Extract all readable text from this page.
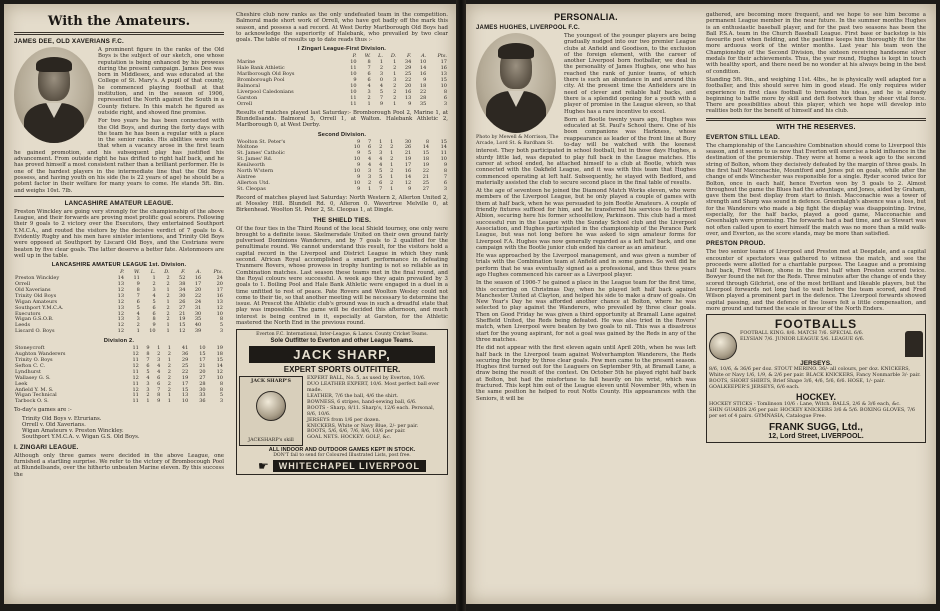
With the Amateurs.
JAMES DEE, OLD XAVERIANS F.C.

A prominent figure in the ranks of the Old Boys is the subject of our sketch, one whose reputation is being enhanced by his prowess during the present campaign. James Dee was born in Middlesex, and was educated at the College of St. Mary's. A pupil of that county, he commenced playing football at that institution, and in the season of 1906, represented the North against the South in a County fixture. In this match he figured as outside right, and showed fine promise.

For two years he has been connected with the Old Boys, and during the forty days with the team he has been a regular with a place in the senior ranks. His abilities were such that when a vacancy arose in the first team he gained promotion, and his subsequent play has justified his advancement. From outside right he has drifted to right half back, and he has proved himself a most consistent rather than a brilliant performer. He is one of the hardest players in the intermediate line that the Old Boys possess, and having youth on his side (he is 22 years of age) he should be a potent factor in their welfare for many years to come. He stands 5ft. 8in. and weighs 10st. 7lb.

LANCASHIRE AMATEUR LEAGUE.

Preston Winckley are going very strongly for the championship of the above League, and their forwards are proving most prolific goal scorers. Following their 9 goals to 2 victory over the Executors, they entertained Southport Y.M.C.A., and routed the visitors by the decisive verdict of 7 goals to 4. Evidently Rugby and his men have sinister intentions, and Trinity Old Boys were opposed at Southport by Liscard Old Boys, and the Cestrians were beaten by five clear goals. The latter deserve a better fate. Alstonmoors are well up in the table.

LANCASHIRE AMATEUR LEAGUE 1st. Division.
	P.	W.	L.	D.	F.	A.	Pts.
Preston Winckley	14	11	1	2	52	16	24
Orrell	13	9	2	2	38	17	20
Old Xaverians	12	8	3	1	34	20	17
Trinity Old Boys	13	7	4	2	30	22	16
Wigan Amateurs	12	6	5	1	26	24	13
Southport Y.M.C.A.	13	5	6	2	27	31	12
Executors	12	4	6	2	21	30	10
Wigan G.S.O.B.	13	3	8	2	19	35	8
Leeds	12	2	9	1	15	40	5
Liscard O. Boys	12	1	10	1	12	39	3
Division 2.
Stoneycroft	11	9	1	1	41	10	19
Aughton Wanderers	12	8	2	2	36	15	18
Trinity O. Boys	11	7	3	1	29	17	15
Sefton C. C.	12	6	4	2	25	21	14
Lyndhurst	11	5	4	2	22	20	12
Wallasey G. S.	12	4	6	2	19	27	10
Leek	11	3	6	2	17	28	8
Anfield Y. M. S.	12	3	7	2	15	30	8
Wigan Technical	11	2	8	1	13	33	5
Tarbock O. S.	11	1	9	1	10	36	3

To-day's games are :-

Trinity Old Boys v. Etrurians.
Orrell v. Old Xaverians.
Wigan Amateurs v. Preston Winckley.
Southport Y.M.C.A. v. Wigan G.S. Old Boys.
I. ZINGARI LEAGUE.

Although only three games were decided in the above League, one furnished a startling surprise. We refer to the victory of Brombocough Pool at Blundellsands, over the hitherto unbeaten Marine eleven. By this success the

Cheshire club now ranks as the only undefeated team in the competition. Balmoral made short work of Orrell, who have got badly off the mark this season, and possess a sad record. At West Derby Marlborough Old Boys had to acknowledge the superiority of Halebank, who prevailed by two clear goals. The table of results up to date reads thus :-

I Zingari League-First Division.
	P.	W.	L.	D.	F.	A.	Pts.
Marine	10	8	1	1	34	10	17
Hale Bank Athletic	11	7	2	2	29	14	16
Marlborough Old Boys	10	6	3	1	25	16	13
Bromborough Pool	9	6	0	3	22	9	15
Balmoral	10	4	4	2	20	18	10
Liverpool Caledonians	10	3	5	2	16	22	8
Garston	11	2	7	2	13	28	6
Orrell	11	1	9	1	9	35	3

Results of matches played last Saturday:- Bromborough Pool 2, Marine 1, at Blundellsands. Balmoral 5, Orrell 1, at Walton. Halebank Athletic 2, Marlborough 0, at West Derby.

Second Division.
Woolton St. Peter's	9	7	1	1	30	8	15
Moltone	10	6	2	2	26	14	14
St. James' Catholic	9	5	3	1	21	15	11
St. James' Rd.	10	4	4	2	19	18	10
Kenilworth	9	4	4	1	17	19	9
North W'stern	10	3	5	2	16	22	8
Aintree	9	3	5	1	14	21	7
Allerton Utd.	10	2	6	2	12	25	6
St. Cleopas	9	1	7	1	9	27	3

Record of matches played last Saturday: North Western 2, Allerton United 2, at Mossley Hill. Blundell Rd. 0, Alleron 0. Wavertree Melville 0, at Birkenhead. Woolton St. Peter 2, St. Cleopas 1, at Dingle.

THE SHIELD TIES.

Of the four ties in the Third Round of the local Shield tourney, one only were brought to a definite issue. Skelmersdale United on their own ground fairly pulverised Dominions Wanderers, and by 7 goals to 2 qualified for the penultimate round. We cannot understand this result, for the visitors hold a capital record in the Liverpool and District League in which they rank second. African Royal accomplished a smart performance in defeating Tranmere Rovers, whose prowess in trophy hunting is not so reliable as in Combination matches. Last season these teams met in the final round, and the Royal colours were successful. A week ago they again prevailed by 3 goals to 1. Boiling Pool and Hale Bank Athletic were engaged in a duel in a time unfitted to rest of peace. Pate Rovers and Woolton Wesley could not come to their tie, so that another meeting will be necessary to determine the issue. At Prescot the Athletic club's ground was in such a dreadful state that play was impossible. The game will be decided this afternoon, and much interest is being centred in it, especially at Garston, for the Athletic mastered the North End in the previous round.

Everton F.C. International, Inter-League, & Lancs. County Cricket Teams.
Sole Outfitter to Everton and other League Teams.
JACK SHARP,
EXPERT SPORTS OUTFITTER.
JACK SHARP'S
JACKSHARP's skill
EXPERT BALL, No. 5, as used by Everton, 10/6.
DUO LEATHER EXPERT, 10/6. Most perfect ball ever made.
LEATHER, 7/6 the ball, 4/6 the shirt.
BOWNESS, 6 stripes, hand-sewing ball, 6/6.
BOOTS - Sharp, 8/11. Sharp's, 12/6 each. Personal, 8/6, 10/6.
JERSEYS from 1/6 per dozen.
KNICKERS, White or Navy Blue, 2/- per pair.
BOOTS, 5/6, 6/6, 7/6, 8/6, 10/6 per pair.
GOAL NETS. HOCKEY. GOLF, &c.
ALL INDOOR AND OUTDOOR GAMES KEPT IN STOCK.
DON'T fail to send for Coloured Illustrated Lists, post free.
☛	WHITECHAPEL LIVERPOOL
PERSONALIA.
JAMES HUGHES, LIVERPOOL F.C.
Photo by Mewell & Morrison, The Arcade, Lord St. & Bardham St.

The youngest of the younger players are being gradually nudged into our two premier League clubs at Anfield and Goodison, to the exclusion of the foreign element, with the career of another Liverpool born footballer, we deal in the personality of James Hughes, one who has reached the rank of junior teams, of which there is such an abundance in and around this city. At the present time the Anfielders are in need of clever and reliable half backs, and there is a splendid opening for a youth with a player of promise in the League eleven, so that Hughes has a rare incentive to excel.

Born at Bootle twenty years ago, Hughes was educated at St. Paul's School there. One of his boon companions was Harkness, whose reappearance as leader of the front line at Bury to-day will be watched with the keenest interest. They both participated in school football, but in those days Hughes, a sturdy little lad, was deputed to play full back in the League matches. His career at school ended, he attached himself to a club at Bootle, which was connected with the Oakfield League, and it was with this team that Hughes commenced operating at left half. Subsequently, he stayed with Bedford, and materially assisted the club to secure second place in the final table of results.

At the age of seventeen he joined the Diamond Match Works eleven, who were members of the Liverpool League, but he only played a couple of games with them at half back, when he was persuaded to join Bootle Amateurs. A couple of friendly fixtures sufficed for him, and he transferred his services to Hertford Albion, securing here his former schoolfellow, Parkinson. This club had a most successful run in the League with the Sunday School club and the Liverpool Association, and Hughes participated in the championship of the Perance Park League, but was not long before he was asked to sign amateur forms for Liverpool F.A. Hughes was now generally regarded as a left half back, and one campaign with the Bootle junior club ended his career as an amateur.

He was approached by the Liverpool management, and was given a number of trials with the Combination team at Anfield and in some games. So well did he perform that he was eventually signed as a professional, and thus three years ago Hughes commenced his career as a Liverpool player.

In the season of 1906-7 he gained a place in the League team for the first time, this occurring on Christmas Day, when he played left half back against Manchester United at Clayton, and helped his side to make a draw of goals. On New Year's Day he was afforded another chance at Bolton, where he was selected to play against the Wanderers, who prevailed by three clear goals. Then on Good Friday he was given a third opportunity at Bramall Lane against Sheffield United, the Reds being defeated. He was also tried in the Rovers' match, when Liverpool were beaten by two goals to nil. This was a disastrous start for the young aspirant, for not a goal was gained by the Reds in any of the three matches.

He did not appear with the first eleven again until April 20th, when he was left half back in the Liverpool team against Wolverhampton Wanderers, the Reds securing the trophy by three clear goals. Few men came to the present season. Hughes first turned out for the Leaguers on September 9th, at Bramall Lane, a draw being the result of the contest. On October 5th he played right half back at Bolton, but had the misfortune to fall heavily on his wrist, which was fractured. This kept him out of the League eleven until November 9th, when in the same position he helped to rout Notts County. His appearances with the Seniors, it will be

gathered, are becoming more frequent, and we hope to see him become a permanent League member in the near future. In the summer months Hughes is an enthusiastic baseball player, and for the past two seasons has been the Ball P.S.A. team in the Church Baseball League. First base or backstop is his favourite post when fielding, and the pastime keeps him thoroughly fit for the more arduous work of the winter months. Last year his team won the Championship of the Second Division, the sixteen receiving handsome silver medals for their achievements. Thus, the year round, Hughes is kept in touch with healthy sport, and there need be no wonder at his always being in the best of condition.

Standing 5ft. 9in., and weighing 11st. 4lbs., he is physically well adapted for a footballer, and this should serve him in good stead. He only requires wider experience in first class football to broaden his ideas, and he is already beginning to baffle more by skill and deft footwork than by sheer vital force. There are possibilities about this player, which we hope will develop into realities both for the benefit of himself and his club.

WITH THE RESERVES.
EVERTON STILL LEAD.

The championship of the Lancashire Combination should come to Liverpool this season, and it seems to us now that Everton will exercise a bold influence in the destination of the premiership. They were at home a week ago to the second string of Bolton, whom they decisively defeated by the margin of three goals. In the first half Macconachie, Mountford and Jones put on goals, while after the change of ends Winchester was responsible for a single. Ryder scored twice for Bolton, once in each half, hence Everton won by 5 goals to 2. Almost throughout the game the Blues had the advantage, and Jones, aided by Graham, gave them the best display from start to finish. Macconachie was a tower of strength and Sharp was sound in defence. Greenhalgh's absence was a loss, but for the Wanderers who made a big fight the display was disappointing. Irvine, especially, for the half backs, played a good game, Macconachie and Greenhalgh were promising. The forwards had a bad time, and as Stewart was not often called upon to exert himself the match was no more than a mild walk-over, and Everton, as the score stands, may be more than satisfied.

PRESTON PROUD.

The two senior teams of Liverpool and Preston met at Deepdale, and a capital encounter of spectators was gathered to witness the match, and see the proceeds were allotted for a charitable purpose. The League and a promising half back, Fred Wilson, shone in the first half when Preston scored twice. Bowyer found the net for the Reds. Three minutes after the change of ends they scored through Gilchrist, one of the most brilliant and likeable players, but the Liverpool forwards not long had to wait before the team scored, and Fred Wilson played a prominent part in the defence. The Liverpool forwards showed capital passing, and the defence of the losers felt a little compensation, and more ground and turned the scale in favour of the North Enders.

FOOTBALLS
FOOTBALL KING. 8/6. MATCH 7/6. SPECIAL 6/6.
ELYSIAN 7/6. JUNIOR LEAGUE 5/6. LEAGUE 6/6.
JERSEYS.
8/6, 10/6, & 36/6 per doz. STOUT MERINO. 36/- all colours, per doz. KNICKERS, White or Navy 1/6, 1/9, & 2/6 per pair. BLACK KNICKERS, Fancy Nonmarble 3/- pair. BOOTS, SHORT SHIRTS, Brief Shape 3/6, 4/6, 5/6, 6/6. HOSE, 1/- pair. GOALKEEPER'S JERSEYS, 6/6 each.
HOCKEY.
HOCKEY STICKS - Tomlinson 10/6 : Lane, Witch. BALLS, 2/6 & 3/6 each, &c.
SHIN GUARDS 2/6 per pair. HOCKEY KNICKERS 3/6 & 5/6. BOXING GLOVES, 7/6 per set of 4 pairs. GYMNASIA, Catalogue Free.
FRANK SUGG, Ltd.,
12, Lord Street, LIVERPOOL.
